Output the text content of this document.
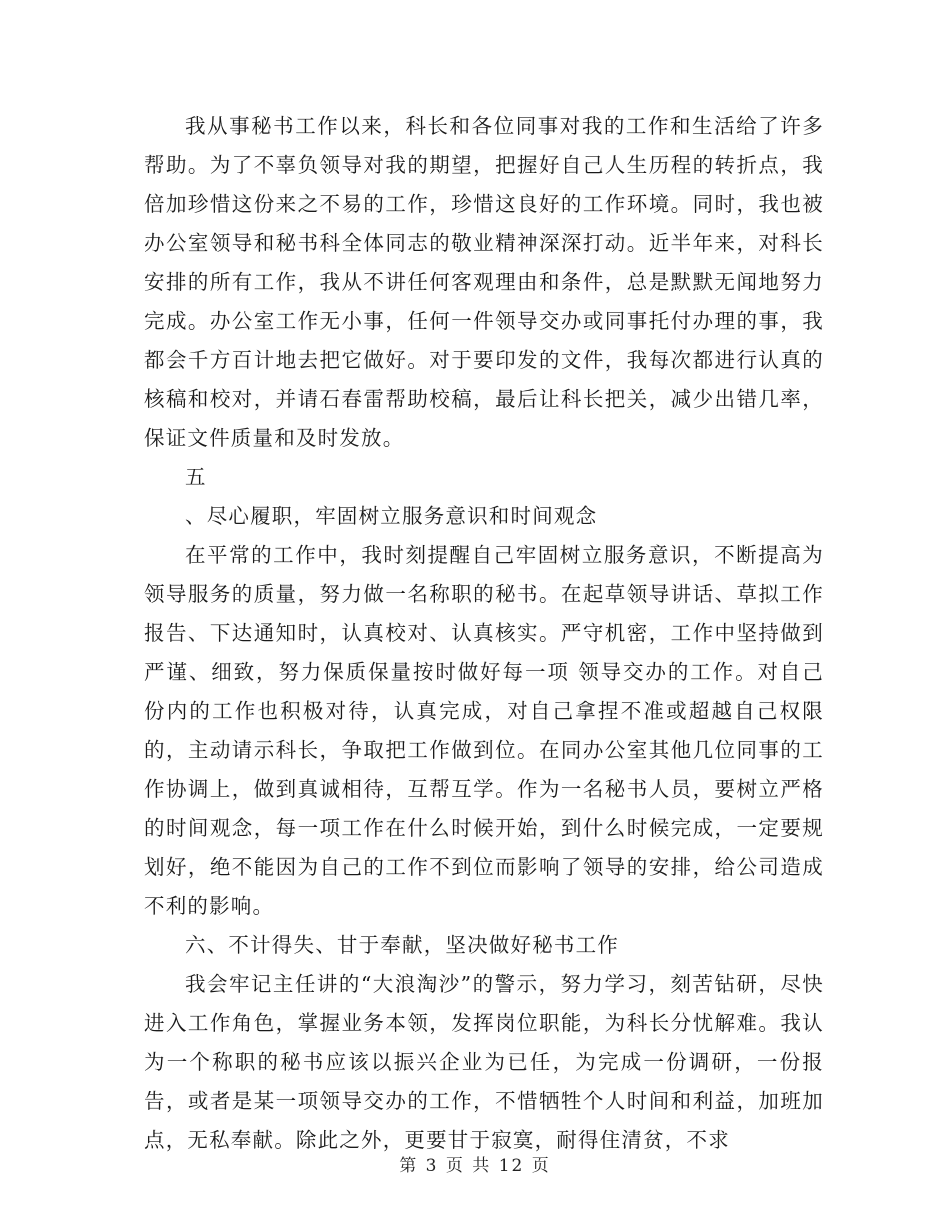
我从事秘书工作以来，科长和各位同事对我的工作和生活给了许多帮助。为了不辜负领导对我的期望，把握好自己人生历程的转折点，我倍加珍惜这份来之不易的工作，珍惜这良好的工作环境。同时，我也被办公室领导和秘书科全体同志的敬业精神深深打动。近半年来，对科长安排的所有工作，我从不讲任何客观理由和条件，总是默默无闻地努力完成。办公室工作无小事，任何一件领导交办或同事托付办理的事，我都会千方百计地去把它做好。对于要印发的文件，我每次都进行认真的核稿和校对，并请石春雷帮助校稿，最后让科长把关，减少出错几率，保证文件质量和及时发放。

五

、尽心履职，牢固树立服务意识和时间观念

在平常的工作中，我时刻提醒自己牢固树立服务意识，不断提高为领导服务的质量，努力做一名称职的秘书。在起草领导讲话、草拟工作报告、下达通知时，认真校对、认真核实。严守机密，工作中坚持做到严谨、细致，努力保质保量按时做好每一项 领导交办的工作。对自己份内的工作也积极对待，认真完成，对自己拿捏不准或超越自己权限的，主动请示科长，争取把工作做到位。在同办公室其他几位同事的工作协调上，做到真诚相待，互帮互学。作为一名秘书人员，要树立严格的时间观念，每一项工作在什么时候开始，到什么时候完成，一定要规划好，绝不能因为自己的工作不到位而影响了领导的安排，给公司造成不利的影响。

六、不计得失、甘于奉献，坚决做好秘书工作

我会牢记主任讲的“大浪淘沙”的警示，努力学习，刻苦钻研，尽快进入工作角色，掌握业务本领，发挥岗位职能，为科长分忧解难。我认为一个称职的秘书应该以振兴企业为已任，为完成一份调研，一份报告，或者是某一项领导交办的工作，不惜牺牲个人时间和利益，加班加点，无私奉献。除此之外，更要甘于寂寞，耐得住清贫，不求

第 3 页 共 12 页
